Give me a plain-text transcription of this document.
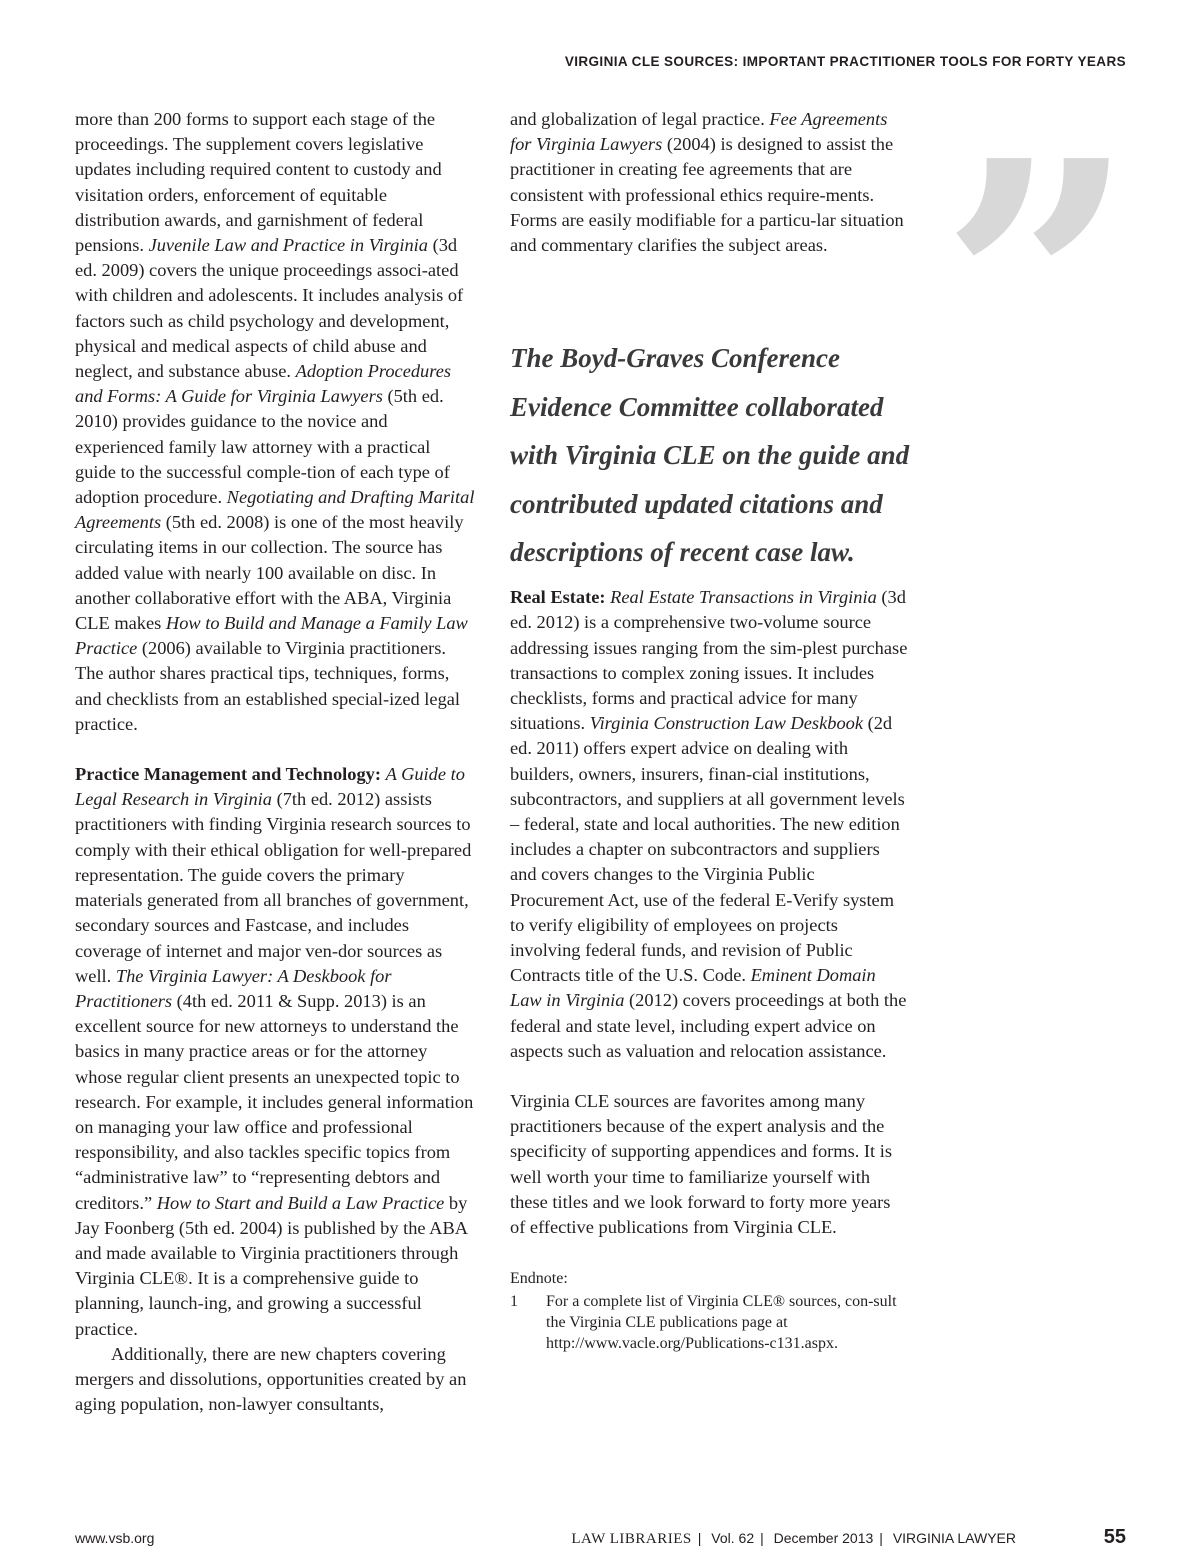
VIRGINIA CLE SOURCES: IMPORTANT PRACTITIONER TOOLS FOR FORTY YEARS
”

more than 200 forms to support each stage of the proceedings. The supplement covers legislative updates including required content to custody and visitation orders, enforcement of equitable distribution awards, and garnishment of federal pensions. Juvenile Law and Practice in Virginia (3d ed. 2009) covers the unique proceedings associ-ated with children and adolescents. It includes analysis of factors such as child psychology and development, physical and medical aspects of child abuse and neglect, and substance abuse. Adoption Procedures and Forms: A Guide for Virginia Lawyers (5th ed. 2010) provides guidance to the novice and experienced family law attorney with a practical guide to the successful comple-tion of each type of adoption procedure. Negotiating and Drafting Marital Agreements (5th ed. 2008) is one of the most heavily circulating items in our collection. The source has added value with nearly 100 available on disc. In another collaborative effort with the ABA, Virginia CLE makes How to Build and Manage a Family Law Practice (2006) available to Virginia practitioners. The author shares practical tips, techniques, forms, and checklists from an established special-ized legal practice.

Practice Management and Technology: A Guide to Legal Research in Virginia (7th ed. 2012) assists practitioners with finding Virginia research sources to comply with their ethical obligation for well-prepared representation. The guide covers the primary materials generated from all branches of government, secondary sources and Fastcase, and includes coverage of internet and major ven-dor sources as well. The Virginia Lawyer: A Deskbook for Practitioners (4th ed. 2011 & Supp. 2013) is an excellent source for new attorneys to understand the basics in many practice areas or for the attorney whose regular client presents an unexpected topic to research. For example, it includes general information on managing your law office and professional responsibility, and also tackles specific topics from “administrative law” to “representing debtors and creditors.” How to Start and Build a Law Practice by Jay Foonberg (5th ed. 2004) is published by the ABA and made available to Virginia practitioners through Virginia CLE®. It is a comprehensive guide to planning, launch-ing, and growing a successful practice.

Additionally, there are new chapters covering mergers and dissolutions, opportunities created by an aging population, non-lawyer consultants,

and globalization of legal practice. Fee Agreements for Virginia Lawyers (2004) is designed to assist the practitioner in creating fee agreements that are consistent with professional ethics require-ments. Forms are easily modifiable for a particu-lar situation and commentary clarifies the subject areas.

Real Estate: Real Estate Transactions in Virginia (3d ed. 2012) is a comprehensive two-volume source addressing issues ranging from the sim-plest purchase transactions to complex zoning issues. It includes checklists, forms and practical advice for many situations. Virginia Construction Law Deskbook (2d ed. 2011) offers expert advice on dealing with builders, owners, insurers, finan-cial institutions, subcontractors, and suppliers at all government levels – federal, state and local authorities. The new edition includes a chapter on subcontractors and suppliers and covers changes to the Virginia Public Procurement Act, use of the federal E-Verify system to verify eligibility of employees on projects involving federal funds, and revision of Public Contracts title of the U.S. Code. Eminent Domain Law in Virginia (2012) covers proceedings at both the federal and state level, including expert advice on aspects such as valuation and relocation assistance.

Virginia CLE sources are favorites among many practitioners because of the expert analysis and the specificity of supporting appendices and forms. It is well worth your time to familiarize yourself with these titles and we look forward to forty more years of effective publications from Virginia CLE.

Endnote:
1	For a complete list of Virginia CLE® sources, con-sult the Virginia CLE publications page at http://www.vacle.org/Publications-c131.aspx.

The Boyd-Graves Conference Evidence Committee collaborated with Virginia CLE on the guide and contributed updated citations and descriptions of recent case law.

www.vsb.org	LAW LIBRARIES | Vol. 62 | December 2013 | VIRGINIA LAWYER	55
